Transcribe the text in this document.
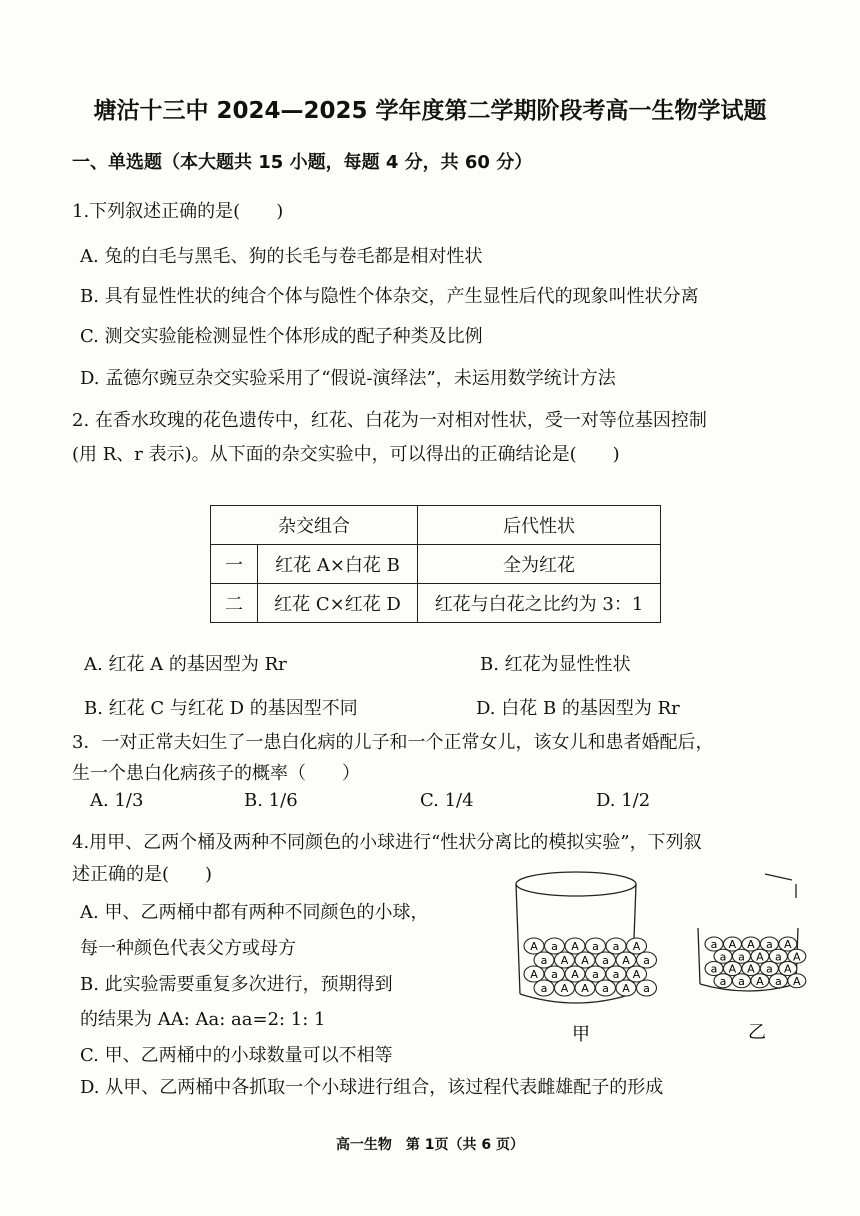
塘沽十三中 2024—2025 学年度第二学期阶段考高一生物学试题
一、单选题（本大题共 15 小题，每题 4 分，共 60 分）
1.下列叙述正确的是(　　)
A. 兔的白毛与黑毛、狗的长毛与卷毛都是相对性状
B. 具有显性性状的纯合个体与隐性个体杂交，产生显性后代的现象叫性状分离
C. 测交实验能检测显性个体形成的配子种类及比例
D. 孟德尔豌豆杂交实验采用了“假说-演绎法”，未运用数学统计方法
2. 在香水玫瑰的花色遗传中，红花、白花为一对相对性状，受一对等位基因控制
(用 R、r 表示)。从下面的杂交实验中，可以得出的正确结论是(　　)
杂交组合		后代性状
一	红花 A×白花 B	全为红花
二	红花 C×红花 D	红花与白花之比约为 3：1
A. 红花 A 的基因型为 Rr	B. 红花为显性性状
B. 红花 C 与红花 D 的基因型不同	D. 白花 B 的基因型为 Rr
3．一对正常夫妇生了一患白化病的儿子和一个正常女儿，该女儿和患者婚配后，
生一个患白化病孩子的概率（　　）
A. 1/3	B. 1/6	C. 1/4	D. 1/2
4.用甲、乙两个桶及两种不同颜色的小球进行“性状分离比的模拟实验”，下列叙
述正确的是(　　)
A. 甲、乙两桶中都有两种不同颜色的小球，
每一种颜色代表父方或母方
B. 此实验需要重复多次进行，预期得到
的结果为 AA: Aa: aa=2: 1: 1
C. 甲、乙两桶中的小球数量可以不相等
D. 从甲、乙两桶中各抓取一个小球进行组合，该过程代表雌雄配子的形成
A a A a a A
a A A a A a
A a A a a A
a A A a A a
a A A a A
a a A a A
a A A a A
a a A a A
甲	乙
高一生物　第 1页（共 6 页）
